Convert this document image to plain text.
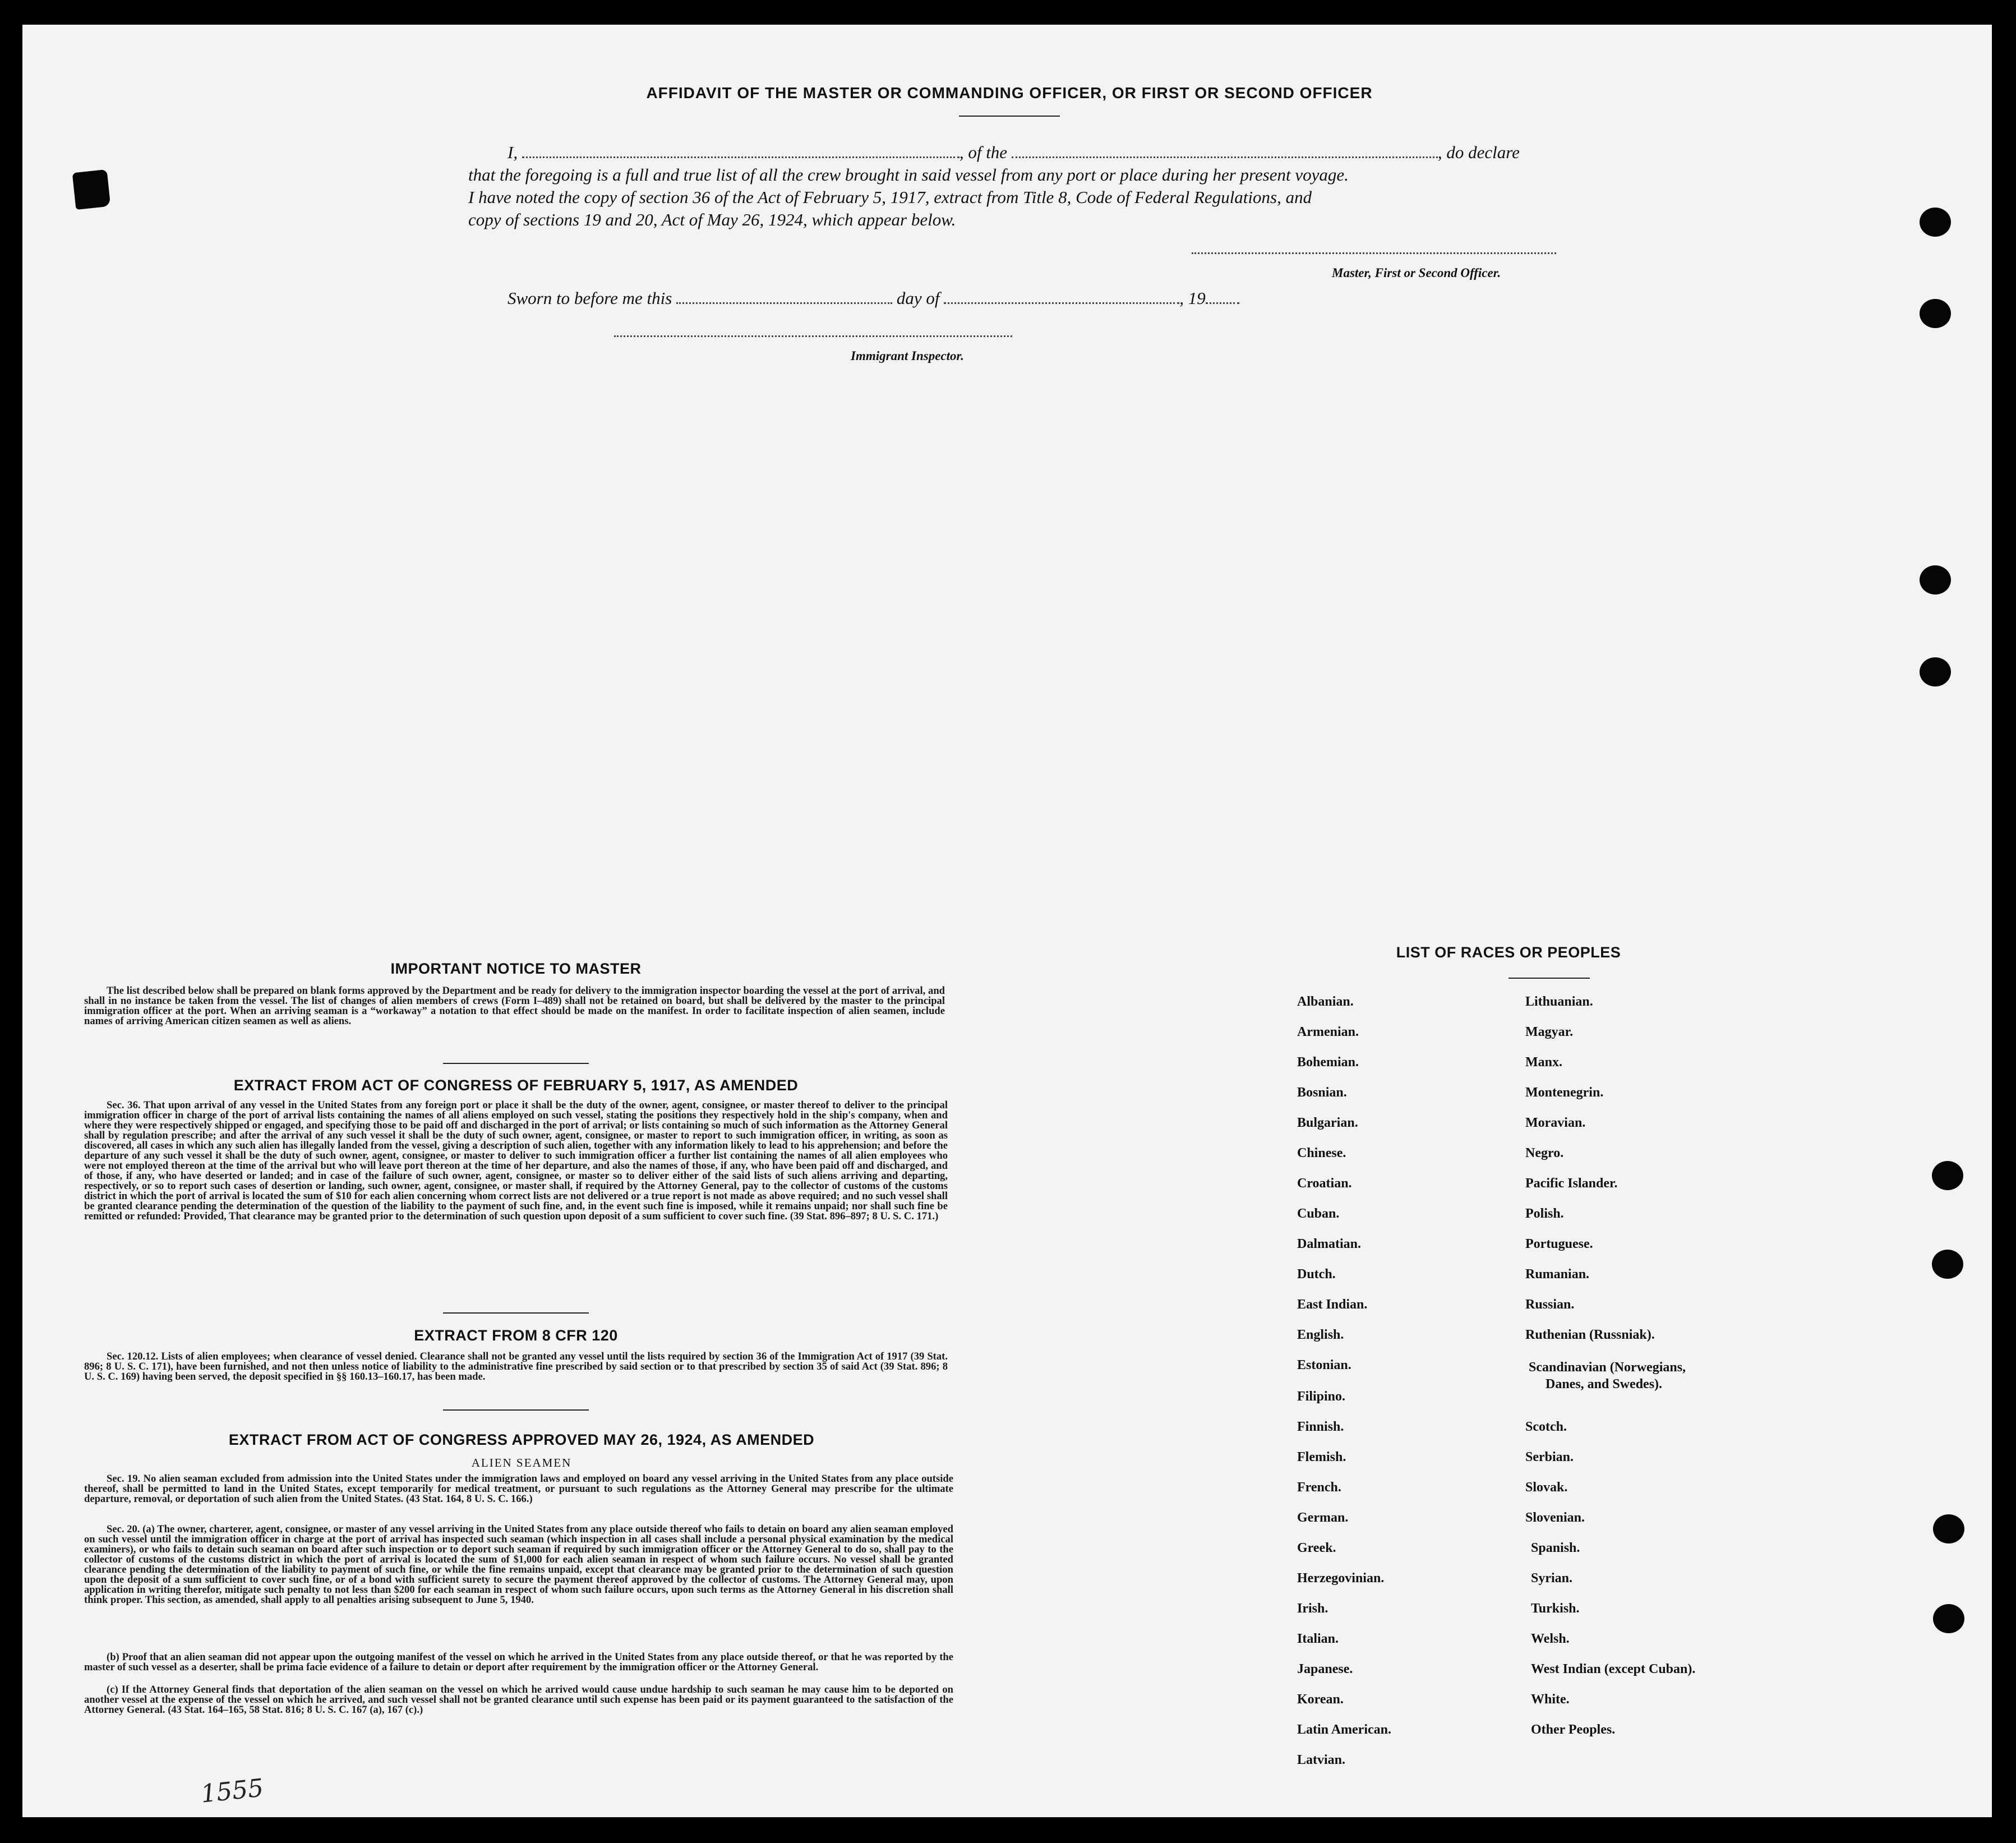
AFFIDAVIT OF THE MASTER OR COMMANDING OFFICER, OR FIRST OR SECOND OFFICER
I,	, of the	, do declare
that the foregoing is a full and true list of all the crew brought in said vessel from any port or place during her present voyage.
I have noted the copy of section 36 of the Act of February 5, 1917, extract from Title 8, Code of Federal Regulations, and
copy of sections 19 and 20, Act of May 26, 1924, which appear below.
Master, First or Second Officer.
Sworn to before me this	day of	, 19
Immigrant Inspector.
IMPORTANT NOTICE TO MASTER
The list described below shall be prepared on blank forms approved by the Department and be ready for delivery to the immigration inspector boarding the vessel at the port of arrival, and shall in no instance be taken from the vessel. The list of changes of alien members of crews (Form I–489) shall not be retained on board, but shall be delivered by the master to the principal immigration officer at the port. When an arriving seaman is a “workaway” a notation to that effect should be made on the manifest. In order to facilitate inspection of alien seamen, include names of arriving American citizen seamen as well as aliens.
EXTRACT FROM ACT OF CONGRESS OF FEBRUARY 5, 1917, AS AMENDED
Sec. 36. That upon arrival of any vessel in the United States from any foreign port or place it shall be the duty of the owner, agent, consignee, or master thereof to deliver to the principal immigration officer in charge of the port of arrival lists containing the names of all aliens employed on such vessel, stating the positions they respectively hold in the ship's company, when and where they were respectively shipped or engaged, and specifying those to be paid off and discharged in the port of arrival; or lists containing so much of such information as the Attorney General shall by regulation prescribe; and after the arrival of any such vessel it shall be the duty of such owner, agent, consignee, or master to report to such immigration officer, in writing, as soon as discovered, all cases in which any such alien has illegally landed from the vessel, giving a description of such alien, together with any information likely to lead to his apprehension; and before the departure of any such vessel it shall be the duty of such owner, agent, consignee, or master to deliver to such immigration officer a further list containing the names of all alien employees who were not employed thereon at the time of the arrival but who will leave port thereon at the time of her departure, and also the names of those, if any, who have been paid off and discharged, and of those, if any, who have deserted or landed; and in case of the failure of such owner, agent, consignee, or master so to deliver either of the said lists of such aliens arriving and departing, respectively, or so to report such cases of desertion or landing, such owner, agent, consignee, or master shall, if required by the Attorney General, pay to the collector of customs of the customs district in which the port of arrival is located the sum of $10 for each alien concerning whom correct lists are not delivered or a true report is not made as above required; and no such vessel shall be granted clearance pending the determination of the question of the liability to the payment of such fine, and, in the event such fine is imposed, while it remains unpaid; nor shall such fine be remitted or refunded: Provided, That clearance may be granted prior to the determination of such question upon deposit of a sum sufficient to cover such fine. (39 Stat. 896–897; 8 U. S. C. 171.)
EXTRACT FROM 8 CFR 120
Sec. 120.12. Lists of alien employees; when clearance of vessel denied. Clearance shall not be granted any vessel until the lists required by section 36 of the Immigration Act of 1917 (39 Stat. 896; 8 U. S. C. 171), have been furnished, and not then unless notice of liability to the administrative fine prescribed by said section or to that prescribed by section 35 of said Act (39 Stat. 896; 8 U. S. C. 169) having been served, the deposit specified in §§ 160.13–160.17, has been made.
EXTRACT FROM ACT OF CONGRESS APPROVED MAY 26, 1924, AS AMENDED
ALIEN SEAMEN
Sec. 19. No alien seaman excluded from admission into the United States under the immigration laws and employed on board any vessel arriving in the United States from any place outside thereof, shall be permitted to land in the United States, except temporarily for medical treatment, or pursuant to such regulations as the Attorney General may prescribe for the ultimate departure, removal, or deportation of such alien from the United States. (43 Stat. 164, 8 U. S. C. 166.)
Sec. 20. (a) The owner, charterer, agent, consignee, or master of any vessel arriving in the United States from any place outside thereof who fails to detain on board any alien seaman employed on such vessel until the immigration officer in charge at the port of arrival has inspected such seaman (which inspection in all cases shall include a personal physical examination by the medical examiners), or who fails to detain such seaman on board after such inspection or to deport such seaman if required by such immigration officer or the Attorney General to do so, shall pay to the collector of customs of the customs district in which the port of arrival is located the sum of $1,000 for each alien seaman in respect of whom such failure occurs. No vessel shall be granted clearance pending the determination of the liability to payment of such fine, or while the fine remains unpaid, except that clearance may be granted prior to the determination of such question upon the deposit of a sum sufficient to cover such fine, or of a bond with sufficient surety to secure the payment thereof approved by the collector of customs. The Attorney General may, upon application in writing therefor, mitigate such penalty to not less than $200 for each seaman in respect of whom such failure occurs, upon such terms as the Attorney General in his discretion shall think proper. This section, as amended, shall apply to all penalties arising subsequent to June 5, 1940.
(b) Proof that an alien seaman did not appear upon the outgoing manifest of the vessel on which he arrived in the United States from any place outside thereof, or that he was reported by the master of such vessel as a deserter, shall be prima facie evidence of a failure to detain or deport after requirement by the immigration officer or the Attorney General.
(c) If the Attorney General finds that deportation of the alien seaman on the vessel on which he arrived would cause undue hardship to such seaman he may cause him to be deported on another vessel at the expense of the vessel on which he arrived, and such vessel shall not be granted clearance until such expense has been paid or its payment guaranteed to the satisfaction of the Attorney General. (43 Stat. 164–165, 58 Stat. 816; 8 U. S. C. 167 (a), 167 (c).)
1555
LIST OF RACES OR PEOPLES
Albanian.
Armenian.
Bohemian.
Bosnian.
Bulgarian.
Chinese.
Croatian.
Cuban.
Dalmatian.
Dutch.
East Indian.
English.
Estonian.
Filipino.
Finnish.
Flemish.
French.
German.
Greek.
Herzegovinian.
Irish.
Italian.
Japanese.
Korean.
Latin American.
Latvian.
Lithuanian.
Magyar.
Manx.
Montenegrin.
Moravian.
Negro.
Pacific Islander.
Polish.
Portuguese.
Rumanian.
Russian.
Ruthenian (Russniak).
Scandinavian (Norwegians,
Danes, and Swedes).
Scotch.
Serbian.
Slovak.
Slovenian.
Spanish.
Syrian.
Turkish.
Welsh.
West Indian (except Cuban).
White.
Other Peoples.
